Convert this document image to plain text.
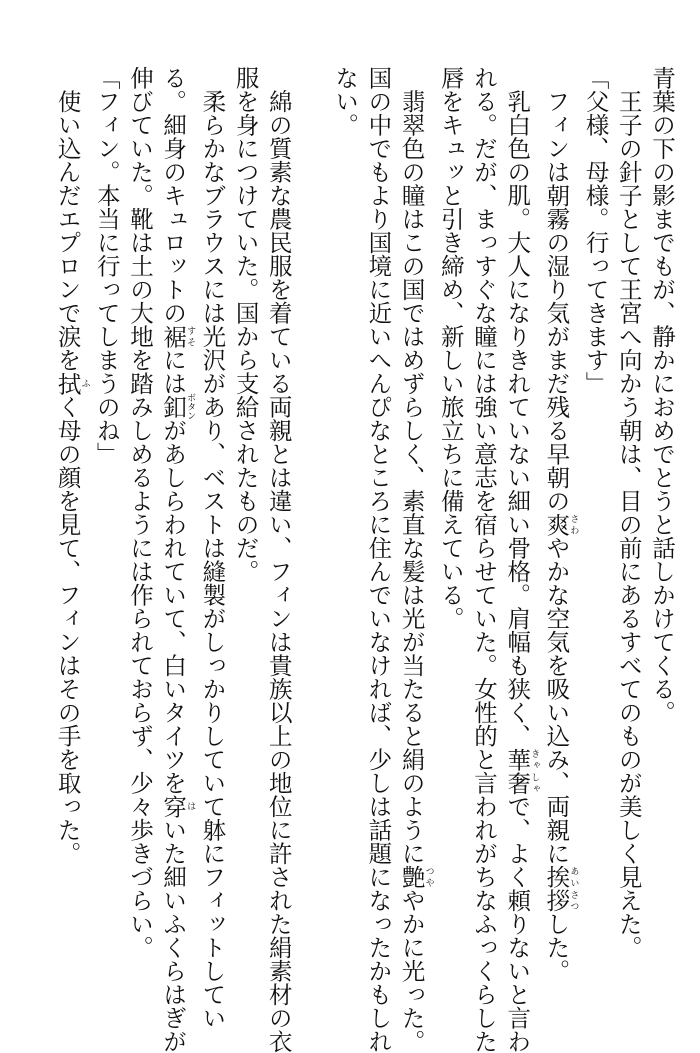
青葉の下の影までもが、静かにおめでとうと話しかけてくる。
　王子の針子として王宮へ向かう朝は、目の前にあるすべてのものが美しく見えた。
「父様、母様。行ってきます」
　フィンは朝霧の湿り気がまだ残る早朝の爽さわやかな空気を吸い込み、両親に挨拶あいさつした。
　乳白色の肌。大人になりきれていない細い骨格。肩幅も狭く、華奢きゃしゃで、よく頼りないと言わ
れる。だが、まっすぐな瞳には強い意志を宿らせていた。女性的と言われがちなふっくらした
唇をキュッと引き締め、新しい旅立ちに備えている。
　翡翠色の瞳はこの国ではめずらしく、素直な髪は光が当たると絹のように艶つややかに光った。
国の中でもより国境に近いへんぴなところに住んでいなければ、少しは話題になったかもしれ
ない。
　綿の質素な農民服を着ている両親とは違い、フィンは貴族以上の地位に許された絹素材の衣
服を身につけていた。国から支給されたものだ。
　柔らかなブラウスには光沢があり、ベストは縫製がしっかりしていて躰にフィットしてい
る。細身のキュロットの裾すそには釦ボタンがあしらわれていて、白いタイツを穿はいた細いふくらはぎが
伸びていた。靴は土の大地を踏みしめるようには作られておらず、少々歩きづらい。
「フィン。本当に行ってしまうのね」
　使い込んだエプロンで涙を拭ふく母の顔を見て、フィンはその手を取った。
